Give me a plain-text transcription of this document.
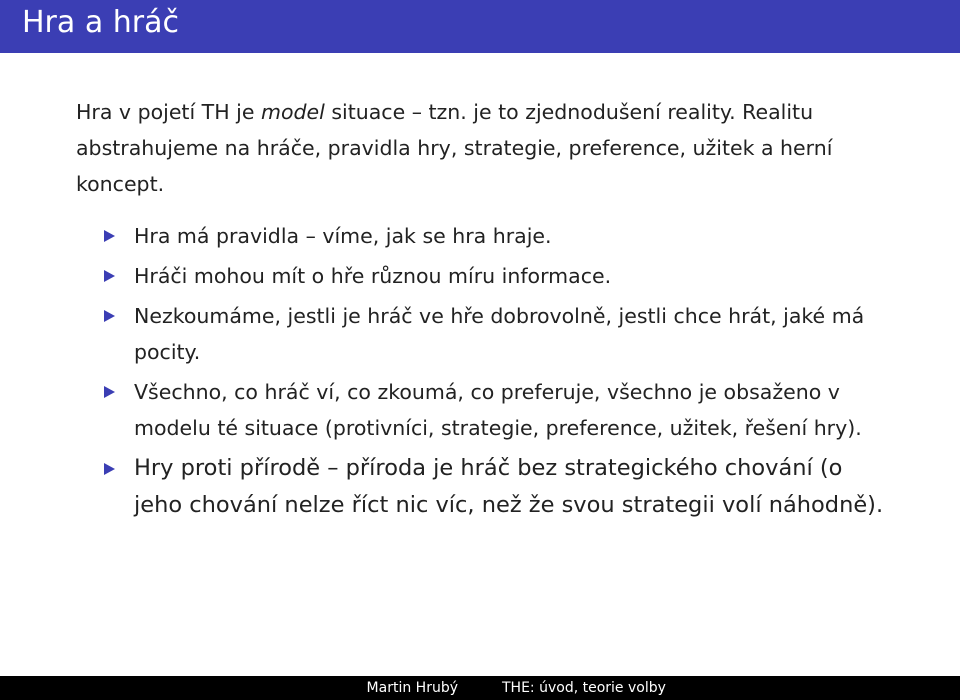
Hra a hráč

Hra v pojetí TH je model situace – tzn. je to zjednodušení reality. Realitu abstrahujeme na hráče, pravidla hry, strategie, preference, užitek a herní koncept.

Hra má pravidla – víme, jak se hra hraje.
Hráči mohou mít o hře různou míru informace.
Nezkoumáme, jestli je hráč ve hře dobrovolně, jestli chce hrát, jaké má pocity.
Všechno, co hráč ví, co zkoumá, co preferuje, všechno je obsaženo v modelu té situace (protivníci, strategie, preference, užitek, řešení hry).
Hry proti přírodě – příroda je hráč bez strategického chování (o jeho chování nelze říct nic víc, než že svou strategii volí náhodně).
Martin Hrubý	THE: úvod, teorie volby
